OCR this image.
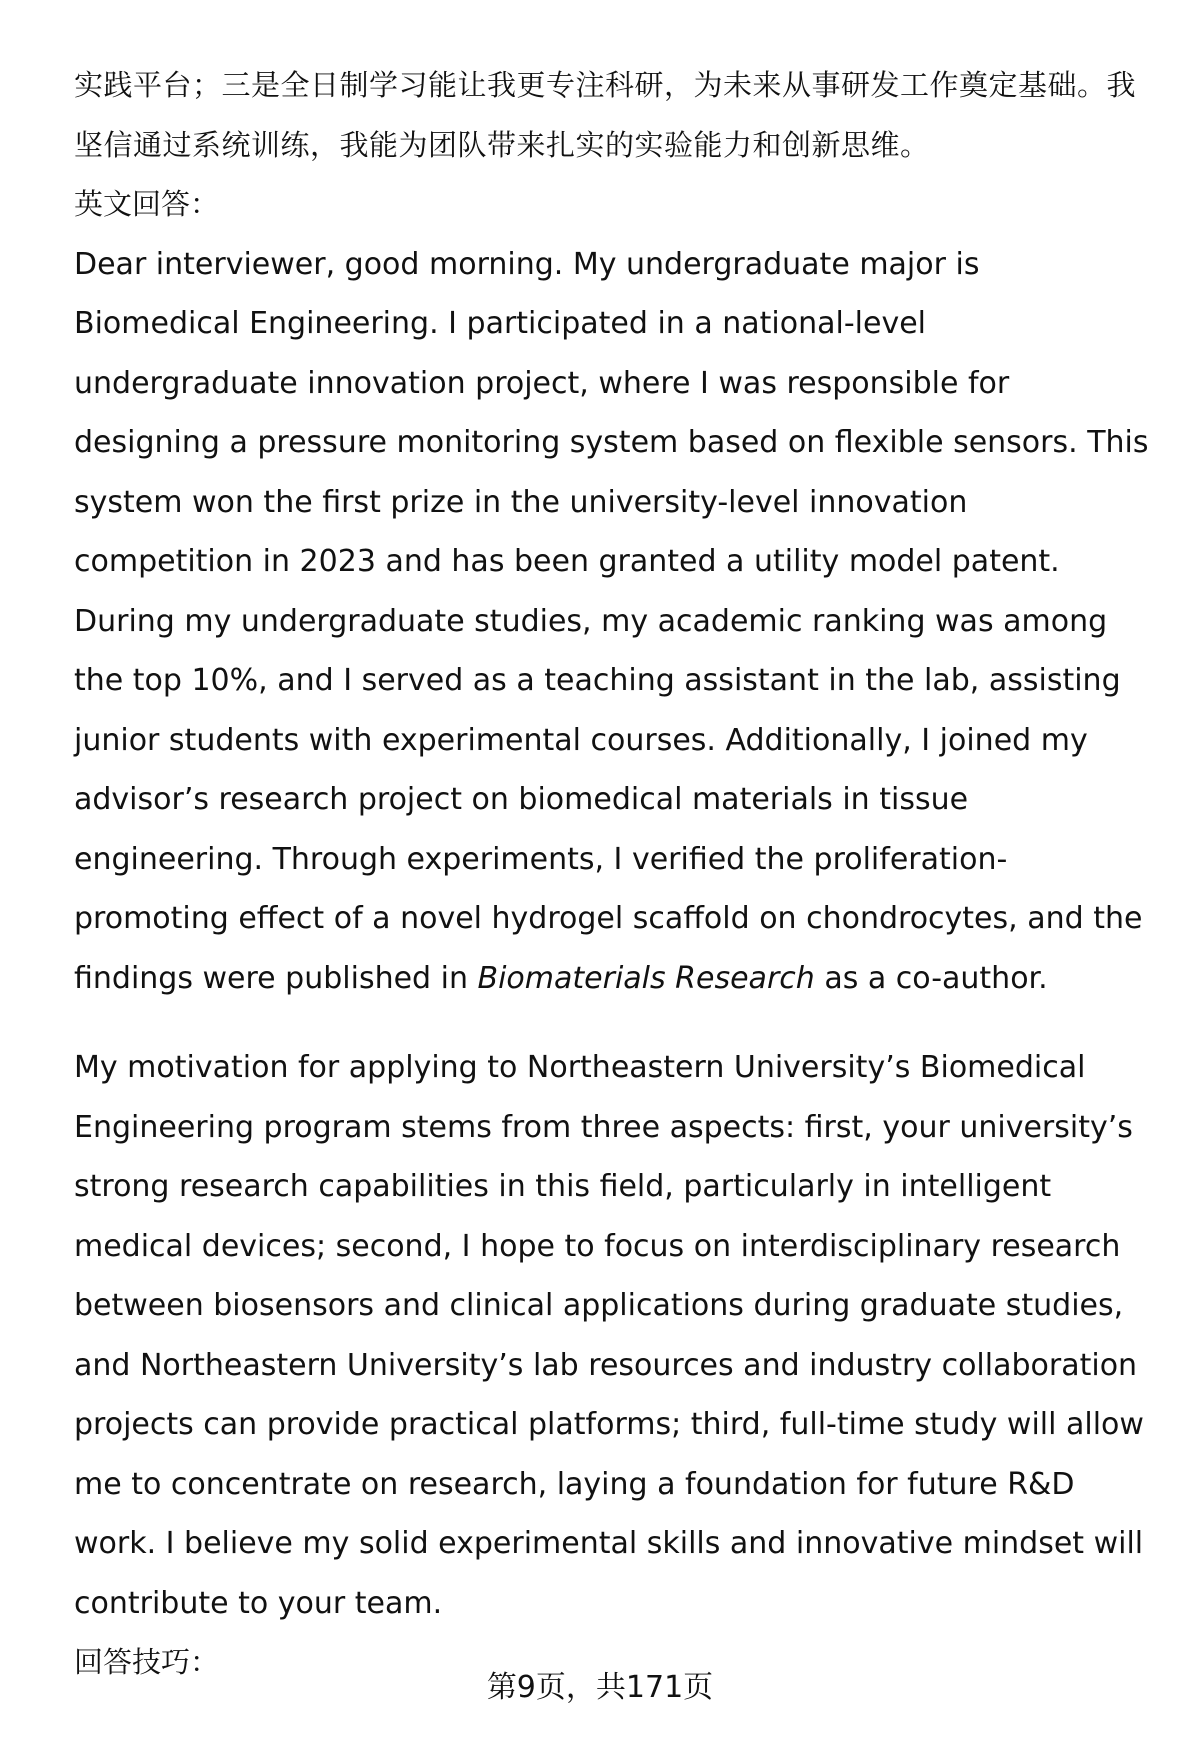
实践平台；三是全日制学习能让我更专注科研，为未来从事研发工作奠定基础。我坚信通过系统训练，我能为团队带来扎实的实验能力和创新思维。

英文回答：

Dear interviewer, good morning. My undergraduate major is Biomedical Engineering. I participated in a national-level undergraduate innovation project, where I was responsible for designing a pressure monitoring system based on flexible sensors. This system won the first prize in the university-level innovation competition in 2023 and has been granted a utility model patent. During my undergraduate studies, my academic ranking was among the top 10%, and I served as a teaching assistant in the lab, assisting junior students with experimental courses. Additionally, I joined my advisor’s research project on biomedical materials in tissue engineering. Through experiments, I verified the proliferation-promoting effect of a novel hydrogel scaffold on chondrocytes, and the findings were published in Biomaterials Research as a co-author.

My motivation for applying to Northeastern University’s Biomedical Engineering program stems from three aspects: first, your university’s strong research capabilities in this field, particularly in intelligent medical devices; second, I hope to focus on interdisciplinary research between biosensors and clinical applications during graduate studies, and Northeastern University’s lab resources and industry collaboration projects can provide practical platforms; third, full-time study will allow me to concentrate on research, laying a foundation for future R&D work. I believe my solid experimental skills and innovative mindset will contribute to your team.

回答技巧：

第9页，共171页
